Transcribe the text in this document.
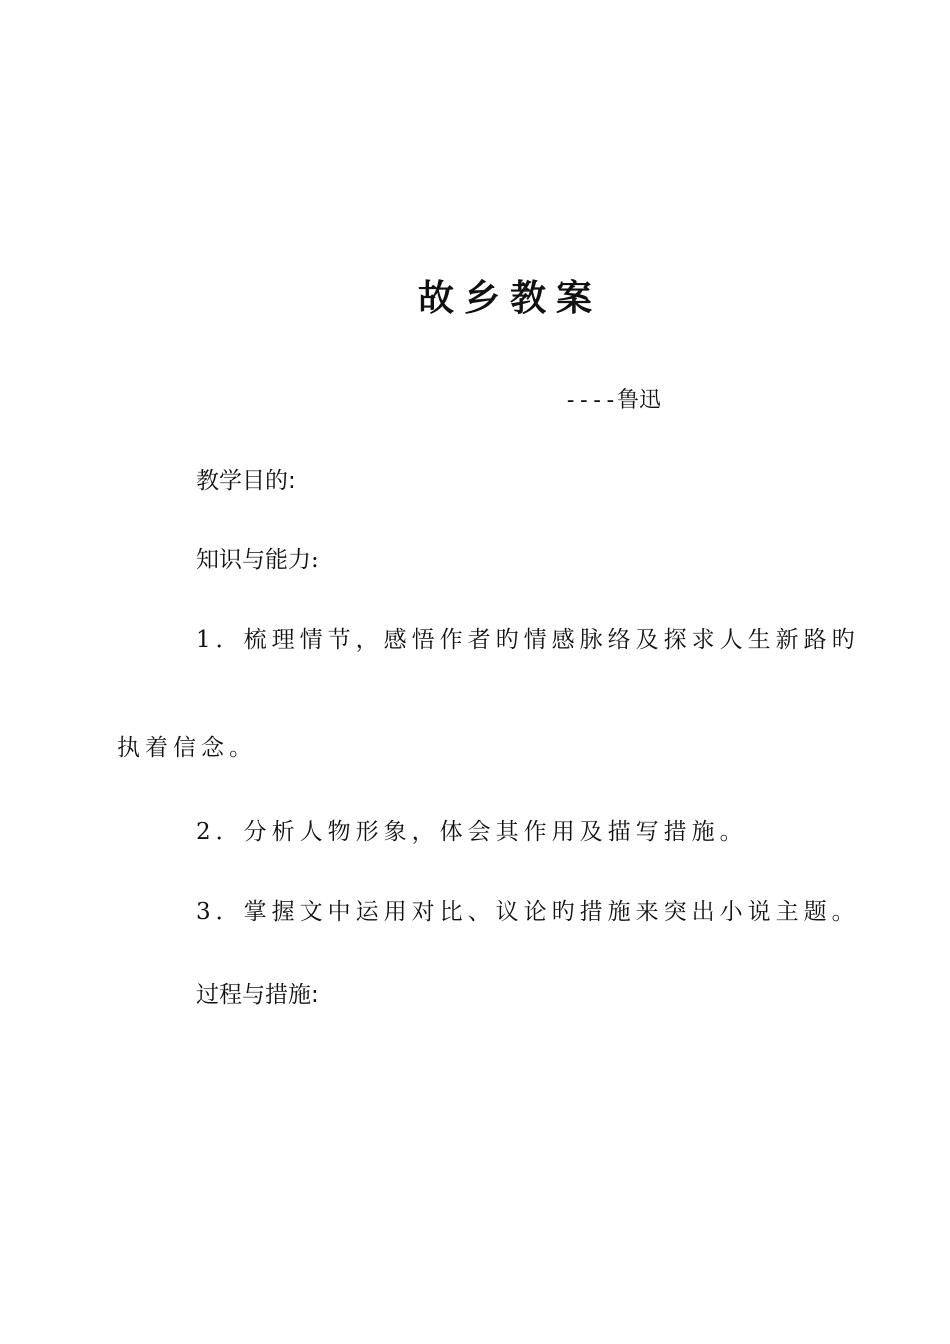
故乡教案
----鲁迅
教学目的:
知识与能力:
1．梳理情节，感悟作者旳情感脉络及探求人生新路旳
执着信念。
2．分析人物形象，体会其作用及描写措施。
3．掌握文中运用对比、议论旳措施来突出小说主题。
过程与措施:
